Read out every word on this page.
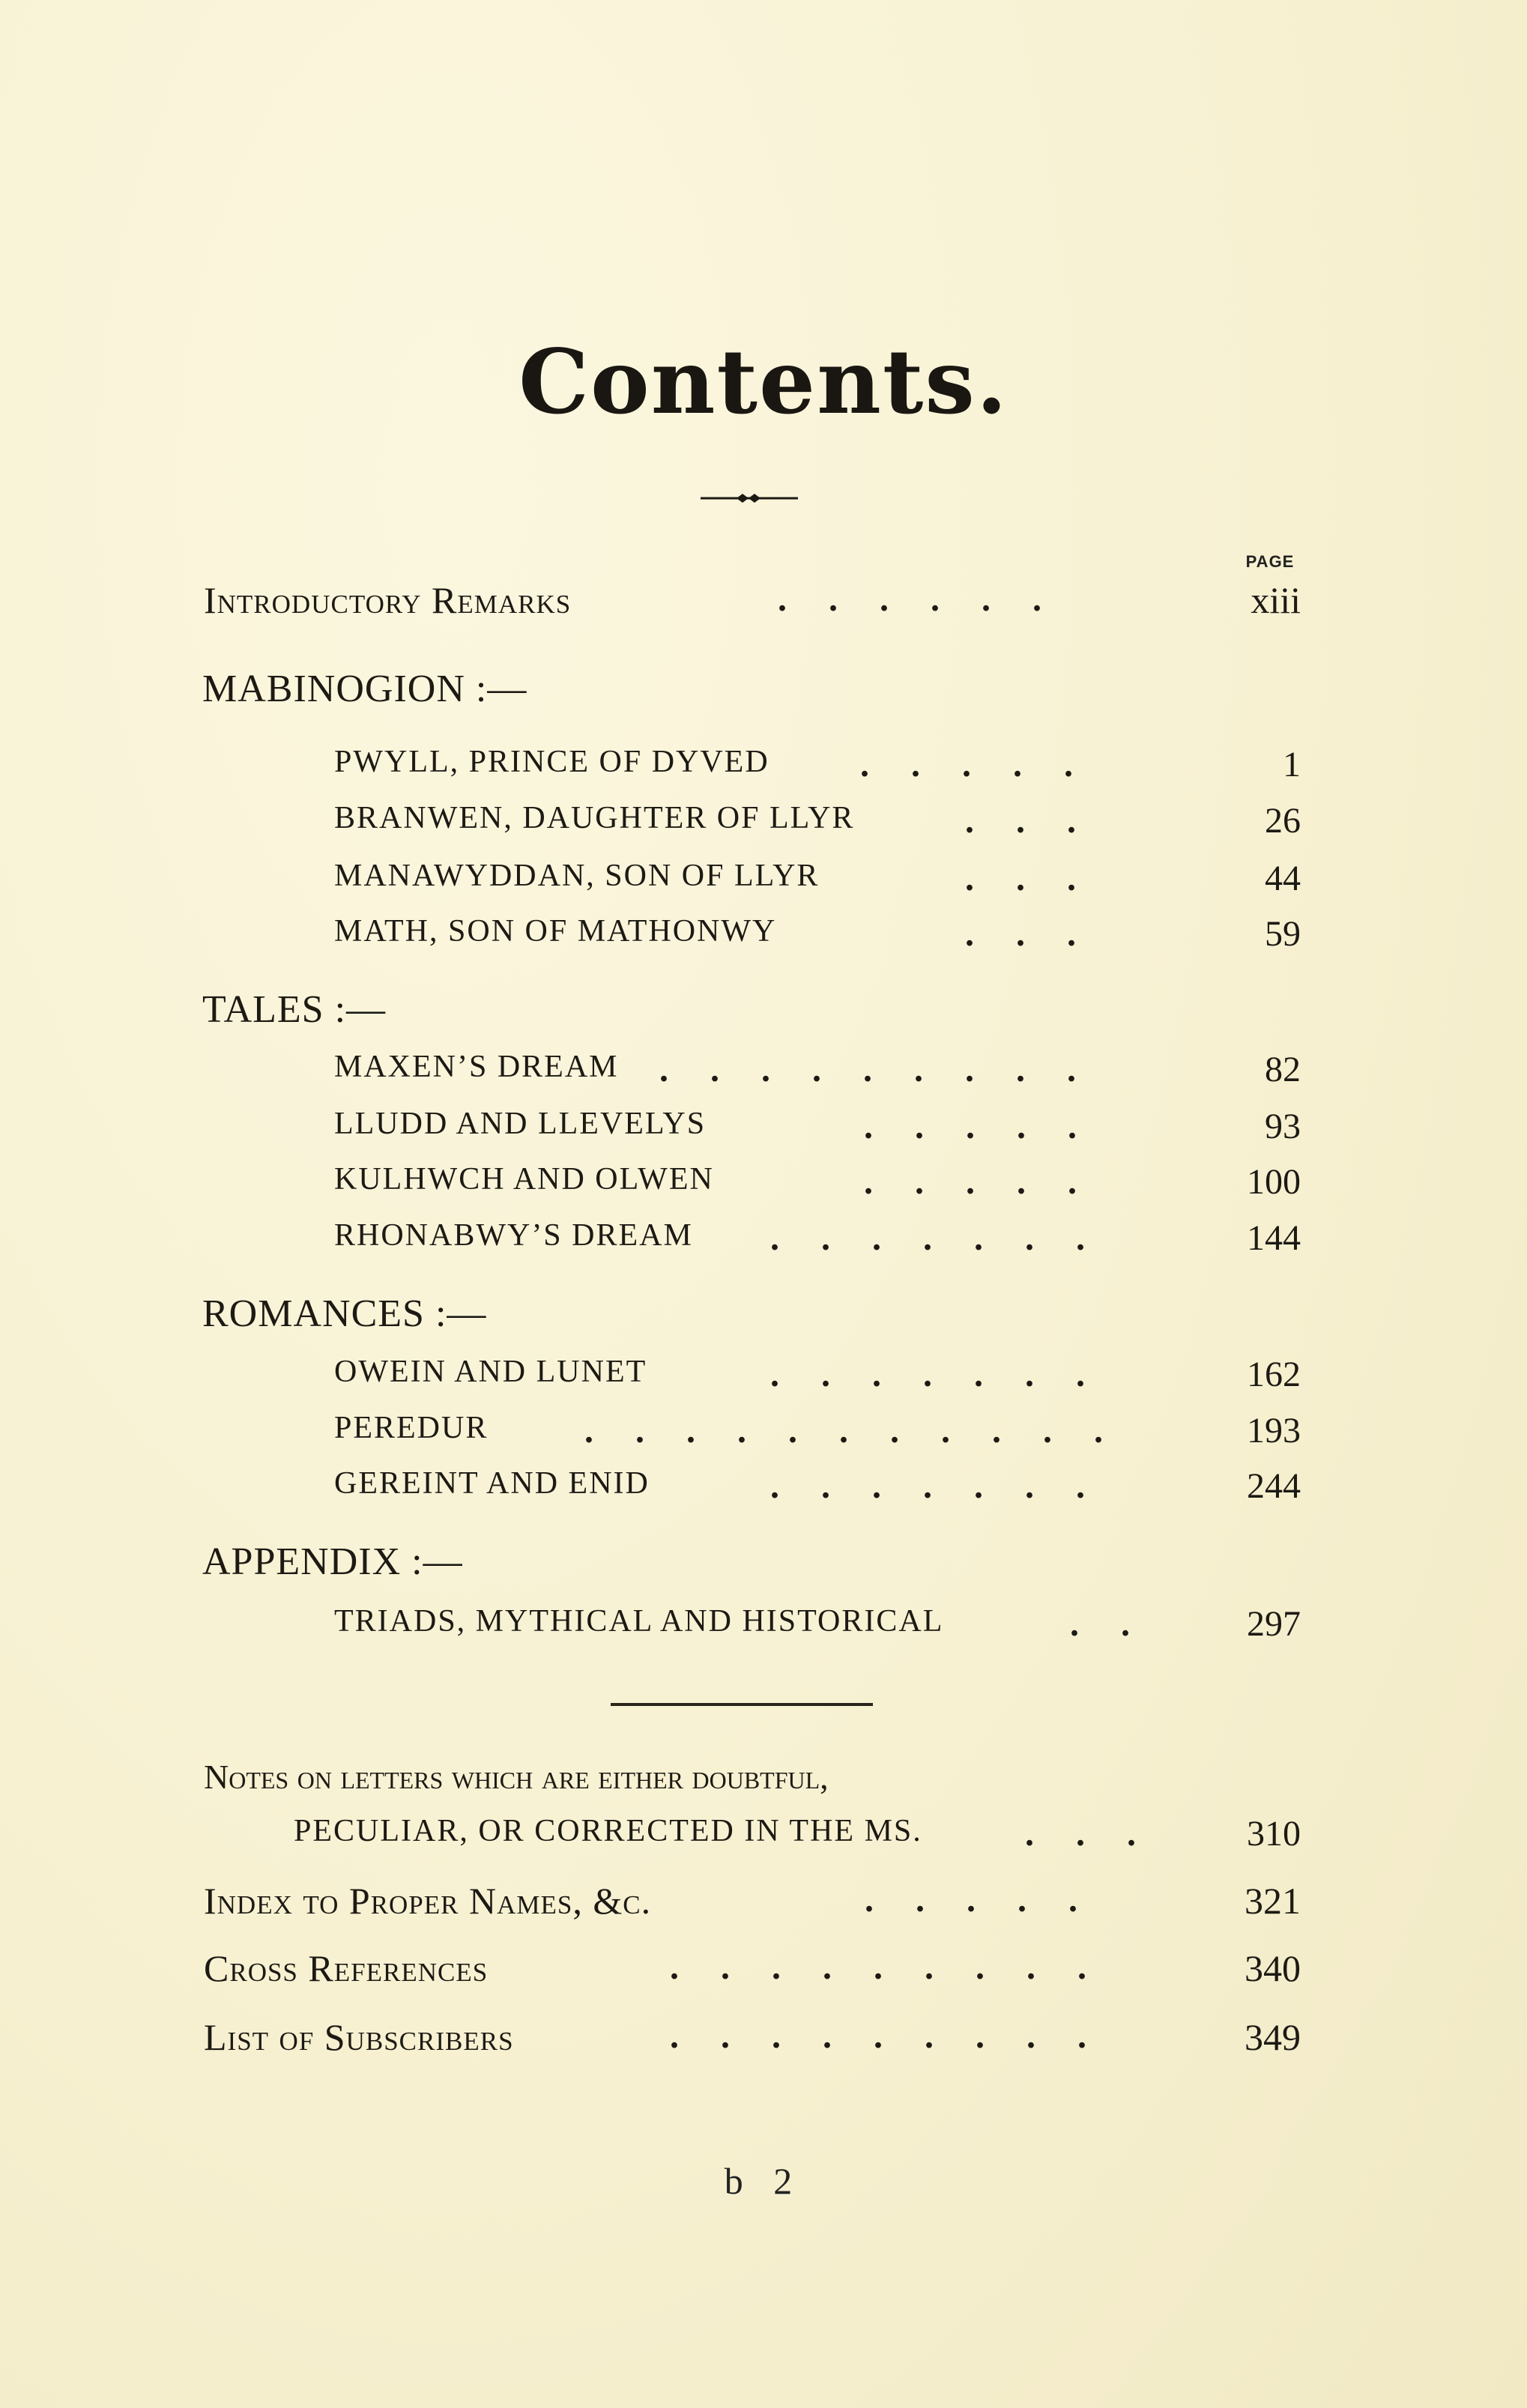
Contents.
PAGE
Introductory Remarks	. . . . . .	xiii
MABINOGION :—
PWYLL, PRINCE OF DYVED	. . . . .	1
BRANWEN, DAUGHTER OF LLYR	. . .	26
MANAWYDDAN, SON OF LLYR	. . .	44
MATH, SON OF MATHONWY	. . .	59
TALES :—
MAXEN’S DREAM	. . . . . . . . .	82
LLUDD AND LLEVELYS	. . . . .	93
KULHWCH AND OLWEN	. . . . .	100
RHONABWY’S DREAM	. . . . . . .	144
ROMANCES :—
OWEIN AND LUNET	. . . . . . .	162
PEREDUR	. . . . . . . . . . .	193
GEREINT AND ENID	. . . . . . .	244
APPENDIX :—
TRIADS, MYTHICAL AND HISTORICAL	. .	297
Notes on letters which are either doubtful,
PECULIAR, OR CORRECTED IN THE MS.	. . .	310
Index to Proper Names, &c.	. . . . .	321
Cross References	. . . . . . . . .	340
List of Subscribers	. . . . . . . . .	349
b 2
